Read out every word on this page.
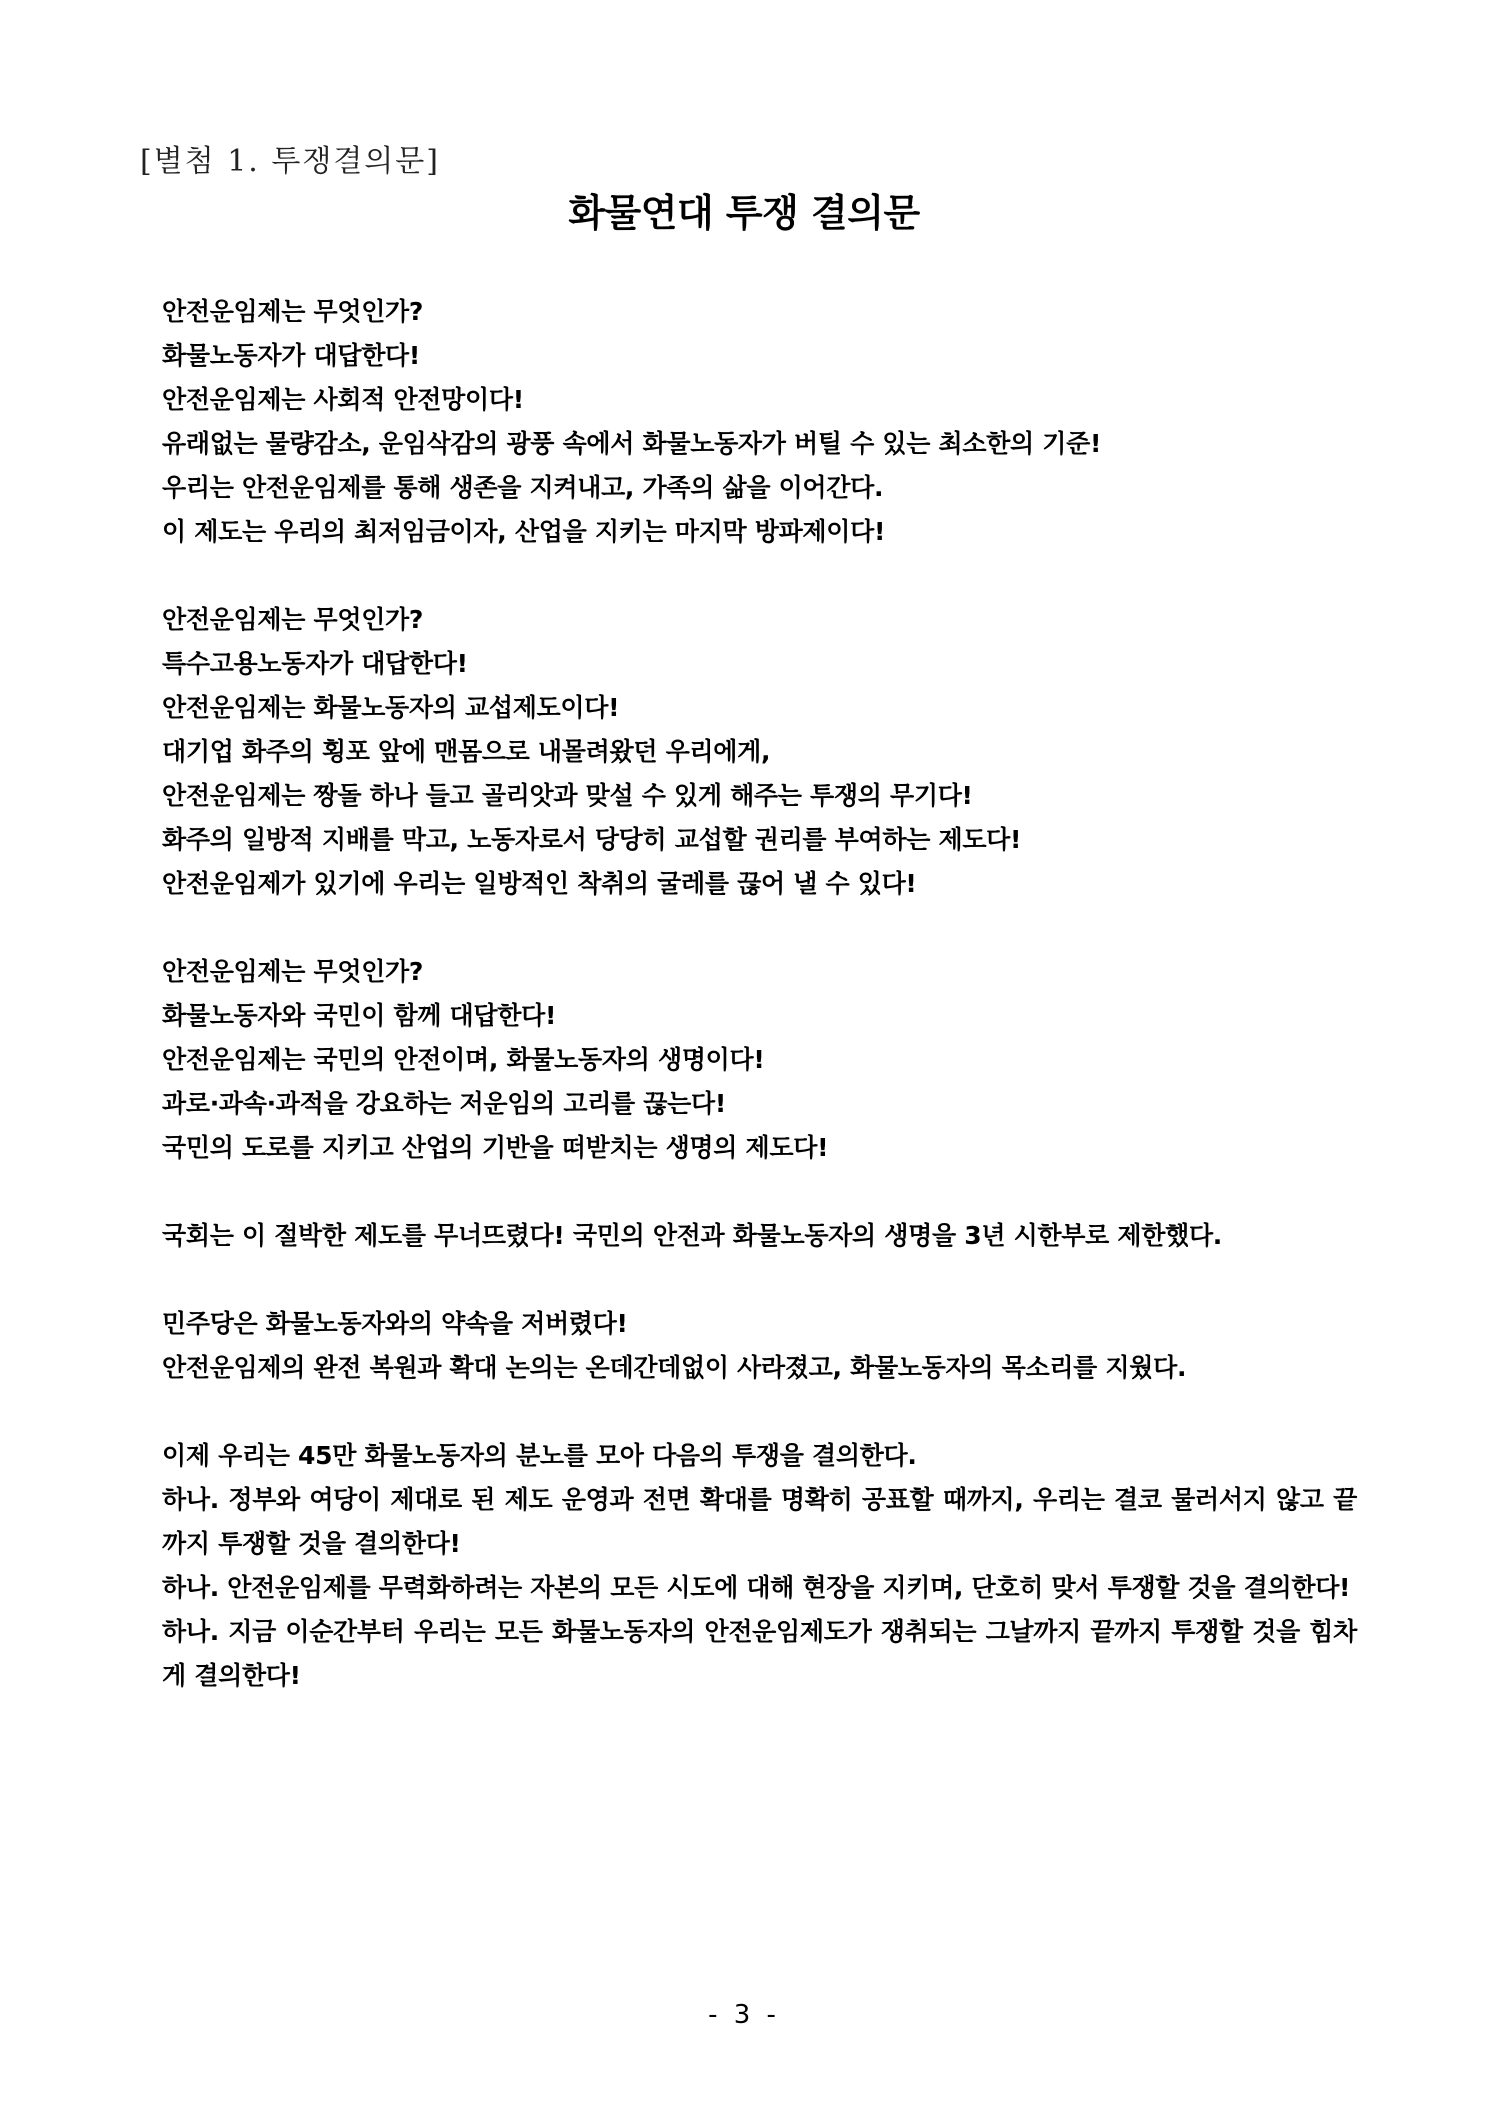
[별첨 1. 투쟁결의문]
화물연대 투쟁 결의문
안전운임제는 무엇인가?
화물노동자가 대답한다!
안전운임제는 사회적 안전망이다!
유래없는 물량감소, 운임삭감의 광풍 속에서 화물노동자가 버틸 수 있는 최소한의 기준!
우리는 안전운임제를 통해 생존을 지켜내고, 가족의 삶을 이어간다.
이 제도는 우리의 최저임금이자, 산업을 지키는 마지막 방파제이다!
안전운임제는 무엇인가?
특수고용노동자가 대답한다!
안전운임제는 화물노동자의 교섭제도이다!
대기업 화주의 횡포 앞에 맨몸으로 내몰려왔던 우리에게,
안전운임제는 짱돌 하나 들고 골리앗과 맞설 수 있게 해주는 투쟁의 무기다!
화주의 일방적 지배를 막고, 노동자로서 당당히 교섭할 권리를 부여하는 제도다!
안전운임제가 있기에 우리는 일방적인 착취의 굴레를 끊어 낼 수 있다!
안전운임제는 무엇인가?
화물노동자와 국민이 함께 대답한다!
안전운임제는 국민의 안전이며, 화물노동자의 생명이다!
과로·과속·과적을 강요하는 저운임의 고리를 끊는다!
국민의 도로를 지키고 산업의 기반을 떠받치는 생명의 제도다!
국회는 이 절박한 제도를 무너뜨렸다! 국민의 안전과 화물노동자의 생명을 3년 시한부로 제한했다.
민주당은 화물노동자와의 약속을 저버렸다!
안전운임제의 완전 복원과 확대 논의는 온데간데없이 사라졌고, 화물노동자의 목소리를 지웠다.
이제 우리는 45만 화물노동자의 분노를 모아 다음의 투쟁을 결의한다.
하나. 정부와 여당이 제대로 된 제도 운영과 전면 확대를 명확히 공표할 때까지, 우리는 결코 물러서지 않고 끝까지 투쟁할 것을 결의한다!
하나. 안전운임제를 무력화하려는 자본의 모든 시도에 대해 현장을 지키며, 단호히 맞서 투쟁할 것을 결의한다!
하나. 지금 이순간부터 우리는 모든 화물노동자의 안전운임제도가 쟁취되는 그날까지 끝까지 투쟁할 것을 힘차게 결의한다!
- 3 -
